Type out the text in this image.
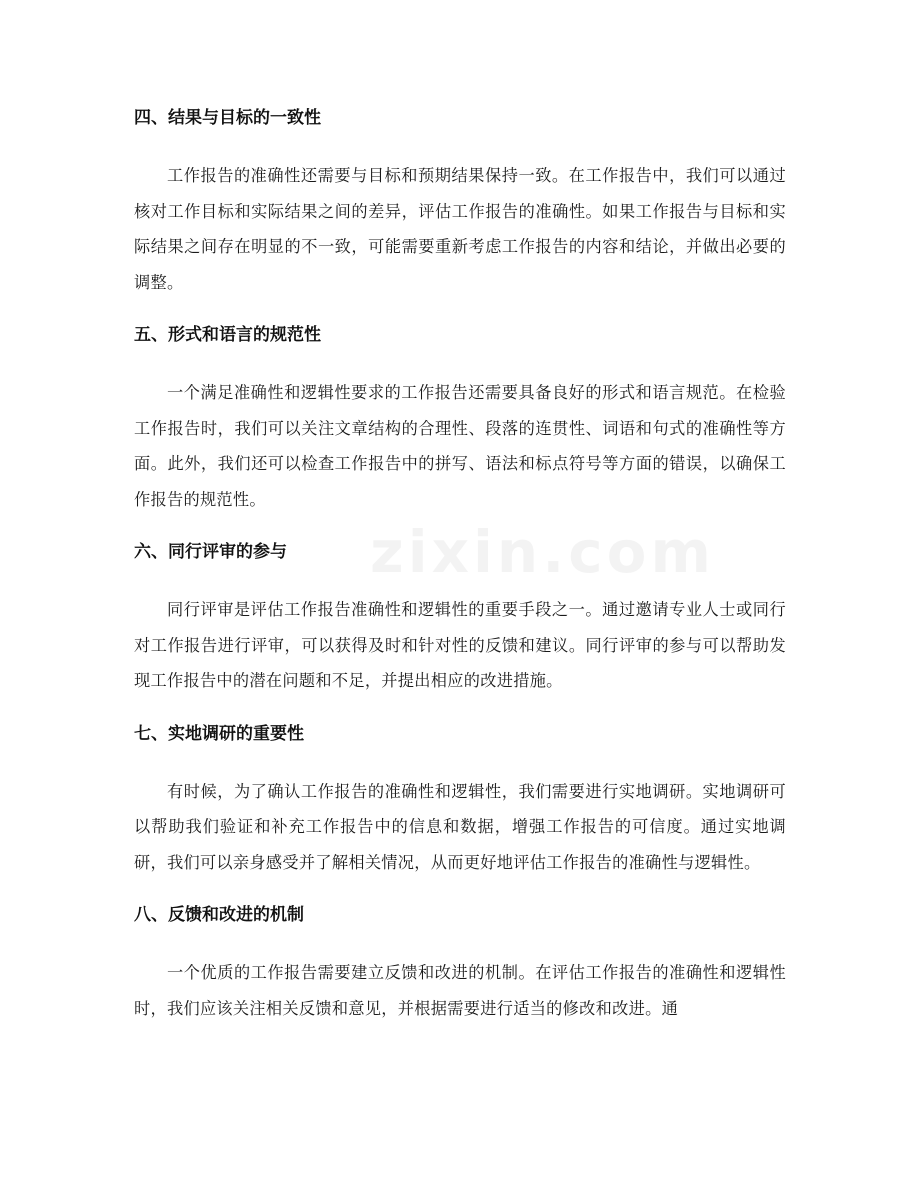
四、结果与目标的一致性

工作报告的准确性还需要与目标和预期结果保持一致。在工作报告中，我们可以通过核对工作目标和实际结果之间的差异，评估工作报告的准确性。如果工作报告与目标和实际结果之间存在明显的不一致，可能需要重新考虑工作报告的内容和结论，并做出必要的调整。

五、形式和语言的规范性

一个满足准确性和逻辑性要求的工作报告还需要具备良好的形式和语言规范。在检验工作报告时，我们可以关注文章结构的合理性、段落的连贯性、词语和句式的准确性等方面。此外，我们还可以检查工作报告中的拼写、语法和标点符号等方面的错误，以确保工作报告的规范性。

六、同行评审的参与

同行评审是评估工作报告准确性和逻辑性的重要手段之一。通过邀请专业人士或同行对工作报告进行评审，可以获得及时和针对性的反馈和建议。同行评审的参与可以帮助发现工作报告中的潜在问题和不足，并提出相应的改进措施。

七、实地调研的重要性

有时候，为了确认工作报告的准确性和逻辑性，我们需要进行实地调研。实地调研可以帮助我们验证和补充工作报告中的信息和数据，增强工作报告的可信度。通过实地调研，我们可以亲身感受并了解相关情况，从而更好地评估工作报告的准确性与逻辑性。

八、反馈和改进的机制

一个优质的工作报告需要建立反馈和改进的机制。在评估工作报告的准确性和逻辑性时，我们应该关注相关反馈和意见，并根据需要进行适当的修改和改进。通
